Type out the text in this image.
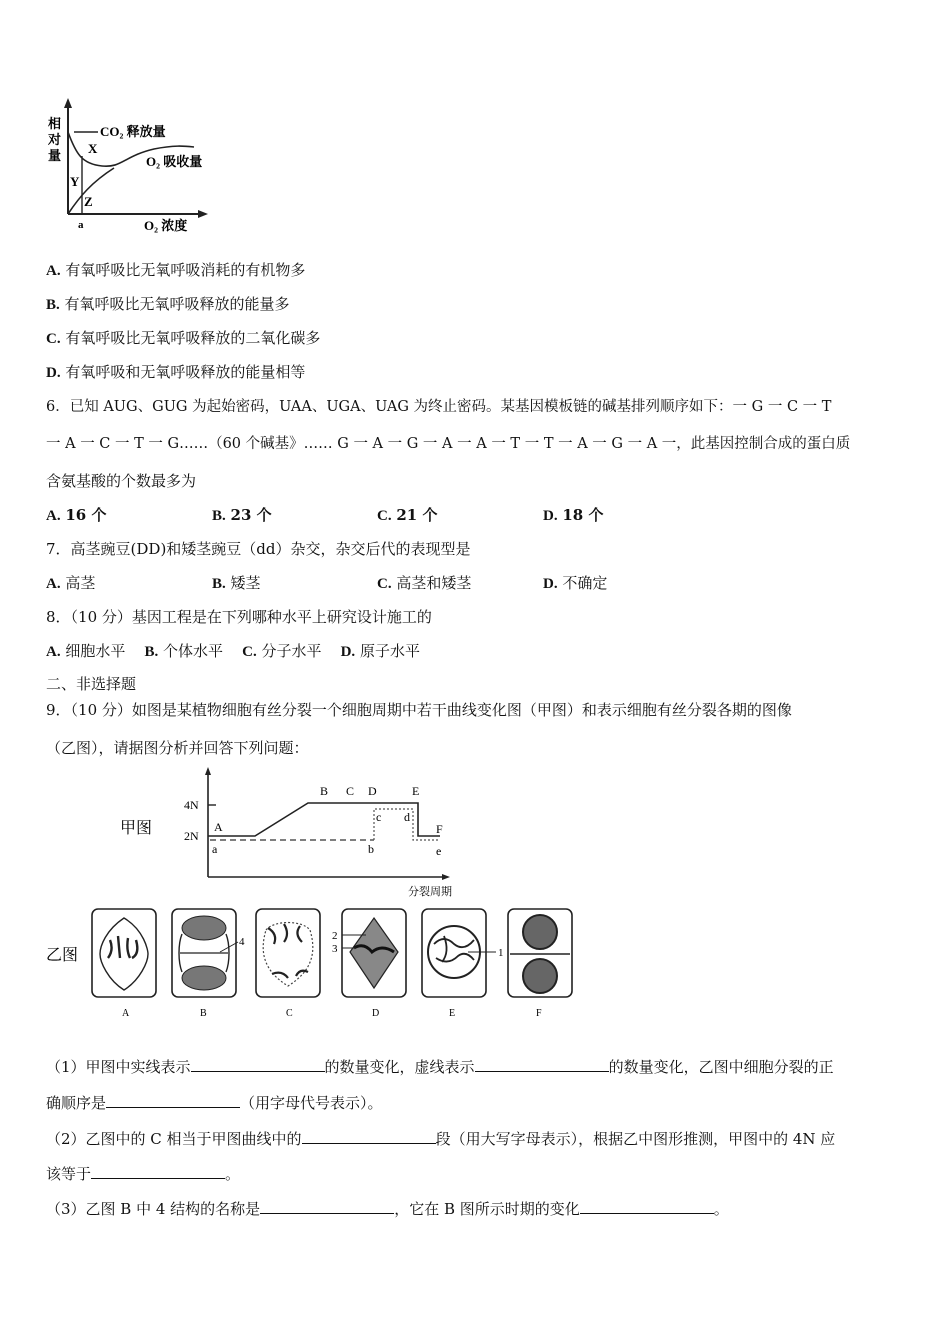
CO₂ 释放量
O₂ 吸收量
X
Y
Z
a	O₂ 浓度
相
对
量
A. 有氧呼吸比无氧呼吸消耗的有机物多
B. 有氧呼吸比无氧呼吸释放的能量多
C. 有氧呼吸比无氧呼吸释放的二氧化碳多
D. 有氧呼吸和无氧呼吸释放的能量相等
6．已知 AUG、GUG 为起始密码，UAA、UGA、UAG 为终止密码。某基因模板链的碱基排列顺序如下：一 G 一 C 一 T
一 A 一 C 一 T 一 G……（60 个碱基》…… G 一 A 一 G 一 A 一 A 一 T 一 T 一 A 一 G 一 A 一，此基因控制合成的蛋白质
含氨基酸的个数最多为
A. 16 个	B. 23 个	C. 21 个	D. 18 个
7．高茎豌豆(DD)和矮茎豌豆（dd）杂交，杂交后代的表现型是
A. 高茎	B. 矮茎	C. 高茎和矮茎	D. 不确定
8．（10 分）基因工程是在下列哪种水平上研究设计施工的
A. 细胞水平 B. 个体水平 C. 分子水平 D. 原子水平
二、非选择题
9．（10 分）如图是某植物细胞有丝分裂一个细胞周期中若干曲线变化图（甲图）和表示细胞有丝分裂各期的图像
（乙图），请据图分析并回答下列问题：
甲图
4N
2N
A
B C D	E
F
a	b
c d
e
分裂周期
乙图
4	2
3	1
A	B	C	D	E	F
（1）甲图中实线表示	的数量变化，虚线表示	的数量变化，乙图中细胞分裂的正
确顺序是	（用字母代号表示）。
（2）乙图中的 C 相当于甲图曲线中的	段（用大写字母表示），根据乙中图形推测，甲图中的 4N 应
该等于	。
（3）乙图 B 中 4 结构的名称是	，它在 B 图所示时期的变化	。
